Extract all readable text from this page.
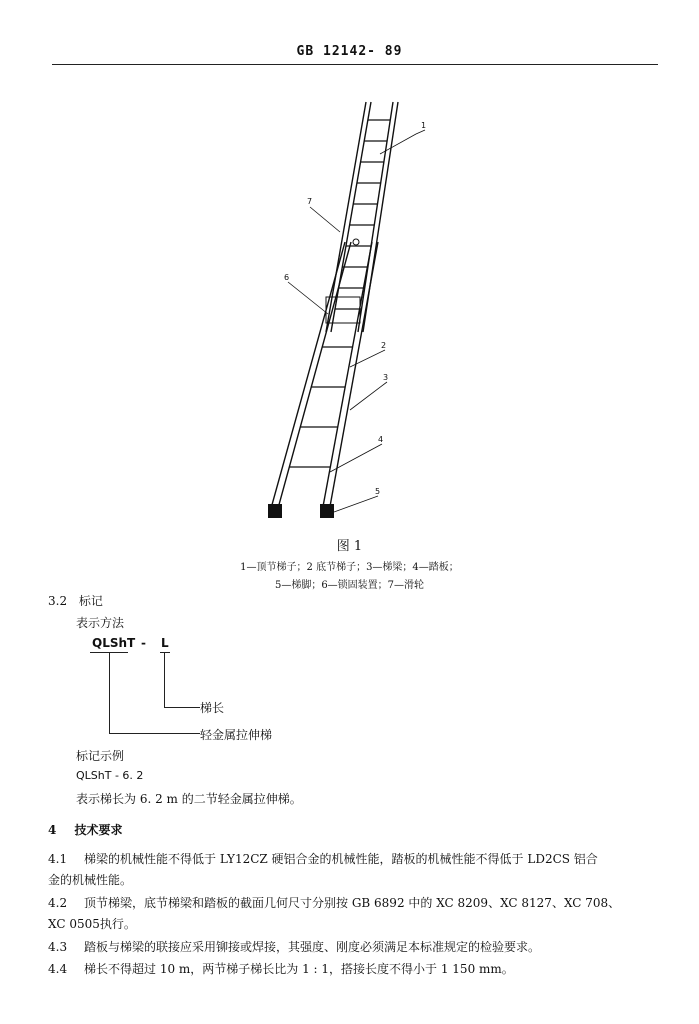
GB 12142- 89
1
7
6
2
3
4
5
图 1
1—顶节梯子；2 底节梯子；3—梯梁；4—踏板；
5—梯脚；6—锁固装置；7—滑轮
3.2 标记
表示方法
QLShT - L
梯长
轻金属拉伸梯
标记示例
QLShT - 6. 2
表示梯长为 6. 2 m 的二节轻金属拉伸梯。
4 技术要求
4.1 梯梁的机械性能不得低于 LY12CZ 硬铝合金的机械性能，踏板的机械性能不得低于 LD2CS 铝合
金的机械性能。
4.2 顶节梯梁，底节梯梁和踏板的截面几何尺寸分别按 GB 6892 中的 XC 8209、XC 8127、XC 708、
XC 0505执行。
4.3 踏板与梯梁的联接应采用铆接或焊接，其强度、刚度必须满足本标准规定的检验要求。
4.4 梯长不得超过 10 m，两节梯子梯长比为 1 : 1，搭接长度不得小于 1 150 mm。
